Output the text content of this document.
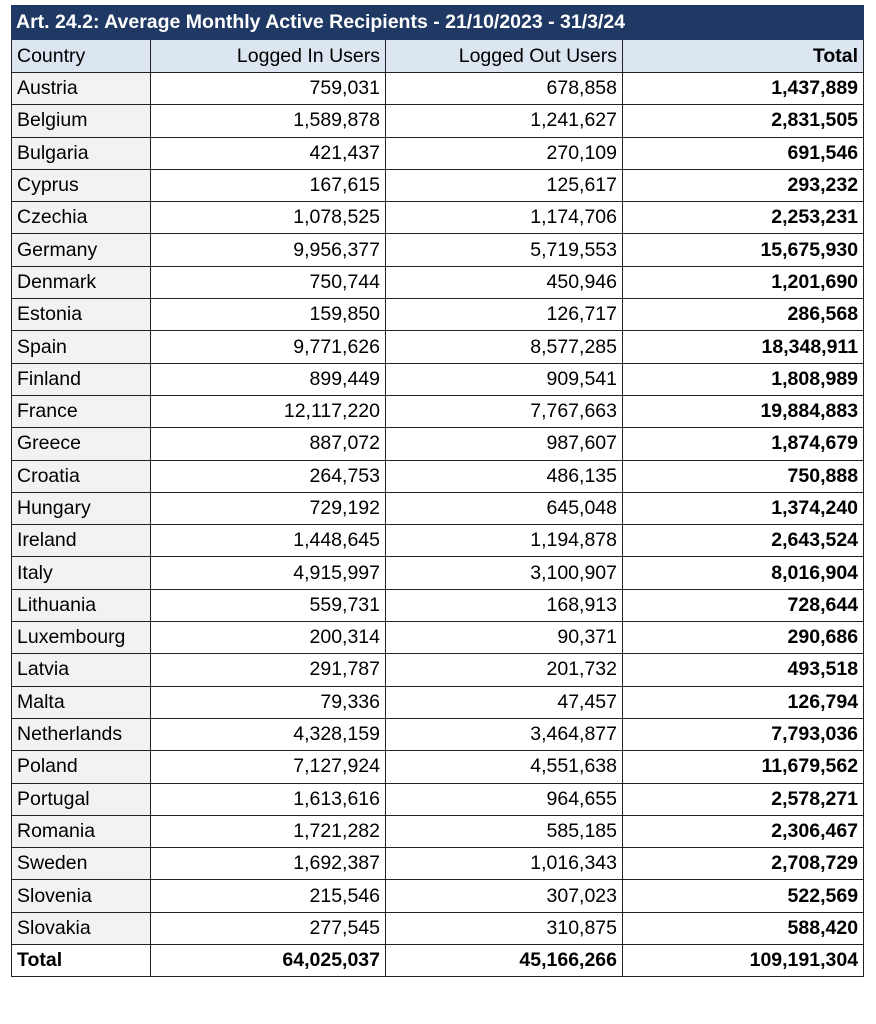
Art. 24.2: Average Monthly Active Recipients - 21/10/2023 - 31/3/24			
Country	Logged In Users	Logged Out Users	Total
Austria	759,031	678,858	1,437,889
Belgium	1,589,878	1,241,627	2,831,505
Bulgaria	421,437	270,109	691,546
Cyprus	167,615	125,617	293,232
Czechia	1,078,525	1,174,706	2,253,231
Germany	9,956,377	5,719,553	15,675,930
Denmark	750,744	450,946	1,201,690
Estonia	159,850	126,717	286,568
Spain	9,771,626	8,577,285	18,348,911
Finland	899,449	909,541	1,808,989
France	12,117,220	7,767,663	19,884,883
Greece	887,072	987,607	1,874,679
Croatia	264,753	486,135	750,888
Hungary	729,192	645,048	1,374,240
Ireland	1,448,645	1,194,878	2,643,524
Italy	4,915,997	3,100,907	8,016,904
Lithuania	559,731	168,913	728,644
Luxembourg	200,314	90,371	290,686
Latvia	291,787	201,732	493,518
Malta	79,336	47,457	126,794
Netherlands	4,328,159	3,464,877	7,793,036
Poland	7,127,924	4,551,638	11,679,562
Portugal	1,613,616	964,655	2,578,271
Romania	1,721,282	585,185	2,306,467
Sweden	1,692,387	1,016,343	2,708,729
Slovenia	215,546	307,023	522,569
Slovakia	277,545	310,875	588,420
Total	64,025,037	45,166,266	109,191,304
